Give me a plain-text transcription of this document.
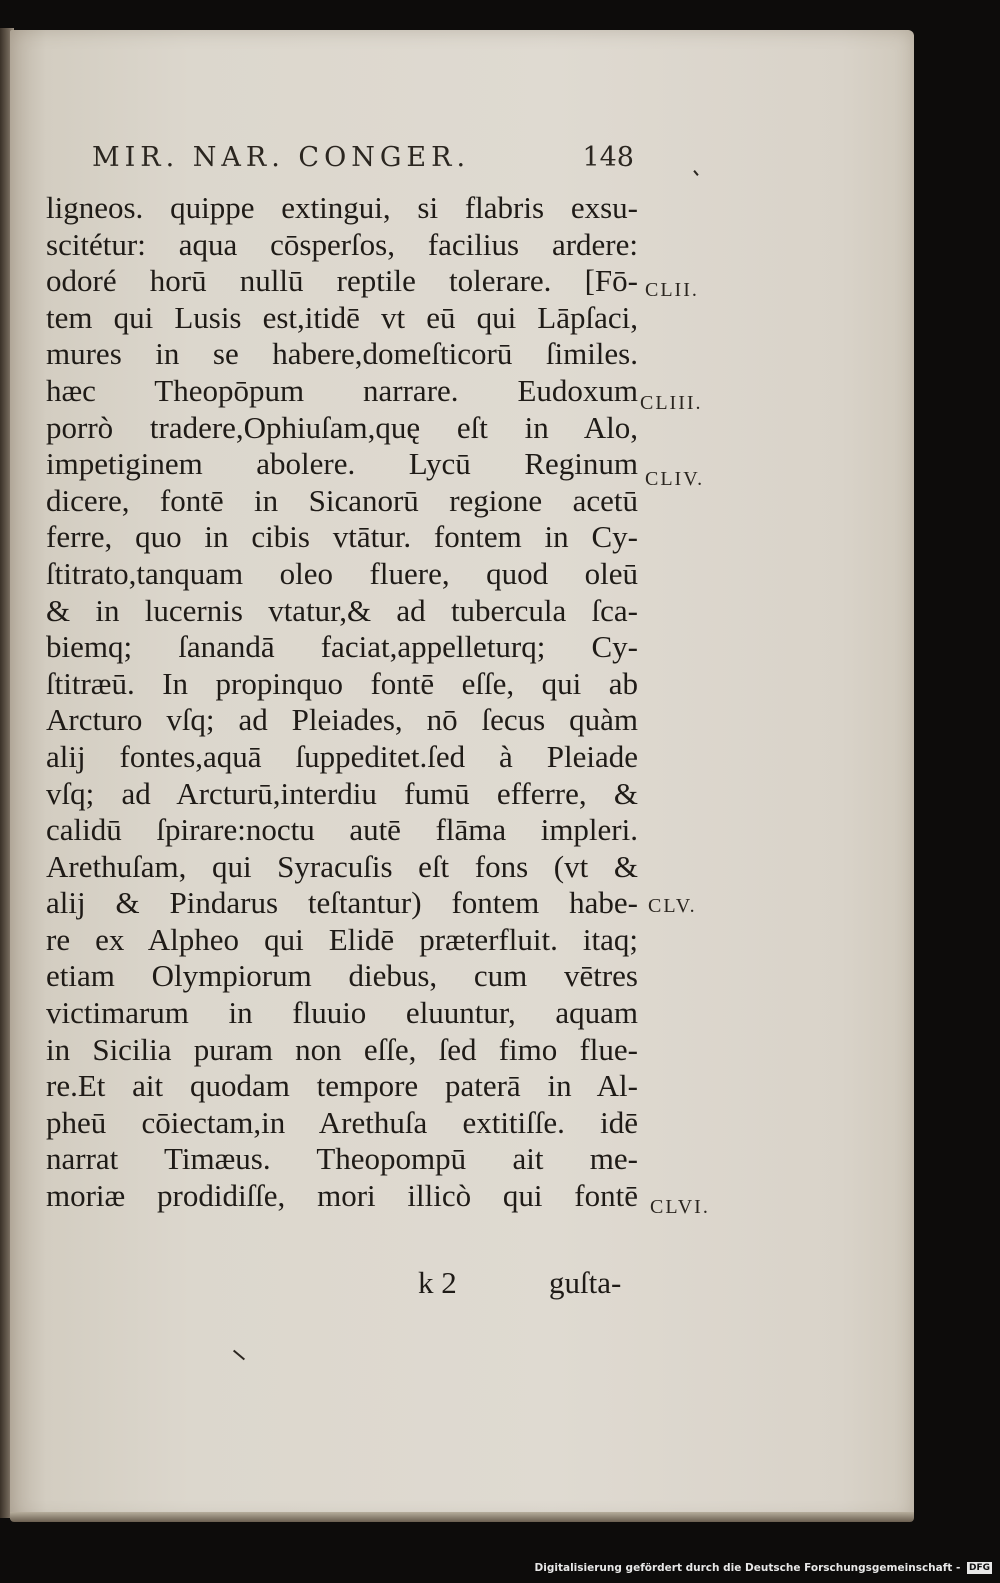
MIR. NAR. CONGER.	148
ligneos. quippe extingui, si flabris exsu-
scitétur: aqua cōsperſos, facilius ardere:
odoré horū nullū reptile tolerare. [Fō-
tem qui Lusis est,itidē vt eū qui Lāpſaci,
mures in se habere,domeſticorū ſimiles.
hæc Theopōpum narrare. Eudoxum
porrò tradere,Ophiuſam,quę eſt in Alo,
impetiginem abolere. Lycū Reginum
dicere, fontē in Sicanorū regione acetū
ferre, quo in cibis vtātur. fontem in Cy-
ſtitrato,tanquam oleo fluere, quod oleū
& in lucernis vtatur,& ad tubercula ſca-
biemq; ſanandā faciat,appelleturq; Cy-
ſtitræū. In propinquo fontē eſſe, qui ab
Arcturo vſq; ad Pleiades, nō ſecus quàm
alij fontes,aquā ſuppeditet.ſed à Pleiade
vſq; ad Arcturū,interdiu fumū efferre, &
calidū ſpirare:noctu autē flāma impleri.
Arethuſam, qui Syracuſis eſt fons (vt &
alij & Pindarus teſtantur) fontem habe-
re ex Alpheo qui Elidē præterfluit. itaq;
etiam Olympiorum diebus, cum vētres
victimarum in fluuio eluuntur, aquam
in Sicilia puram non eſſe, ſed fimo flue-
re.Et ait quodam tempore paterā in Al-
pheū cōiectam,in Arethuſa extitiſſe. idē
narrat Timæus. Theopompū ait me-
moriæ prodidiſſe, mori illicò qui fontē
CLII.
CLIII.
CLIV.
CLV.
CLVI.
k 2	guſta-
Digitalisierung gefördert durch die Deutsche Forschungsgemeinschaft - DFG
